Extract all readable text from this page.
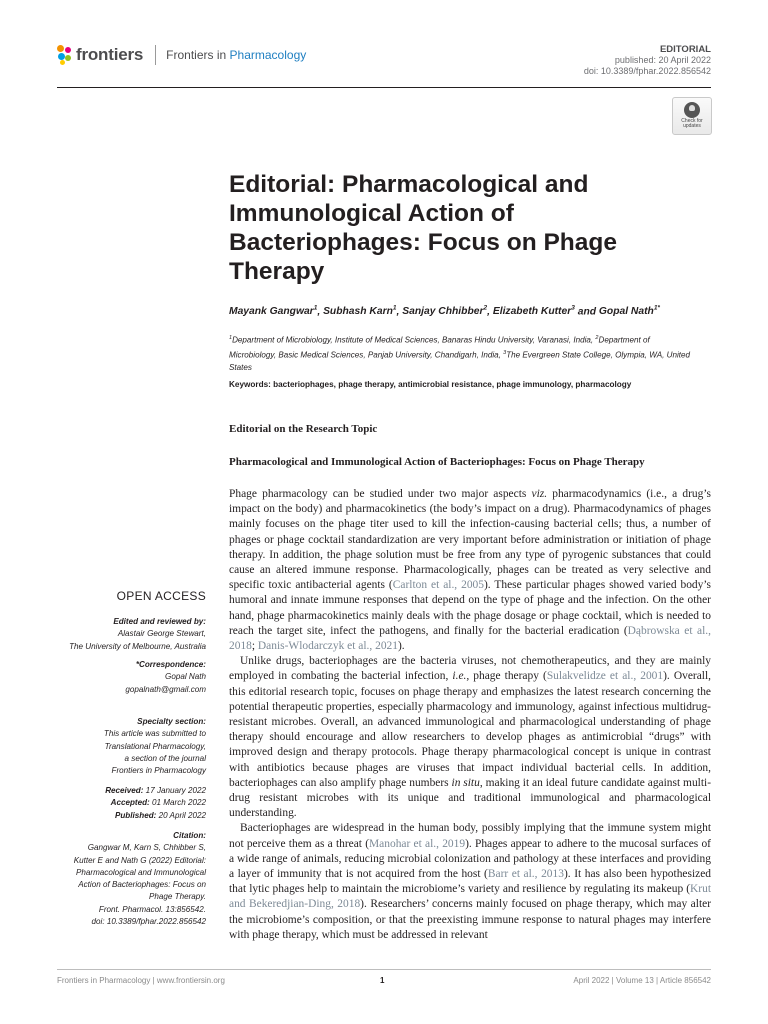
frontiers Frontiers in Pharmacology	EDITORIAL
published: 20 April 2022
doi: 10.3389/fphar.2022.856542
Check for
updates
Editorial: Pharmacological and Immunological Action of Bacteriophages: Focus on Phage Therapy
Mayank Gangwar$^1$, Subhash Karn$^1$, Sanjay Chhibber$^2$, Elizabeth Kutter$^3$ and Gopal Nath$^{1*}$
$^1$Department of Microbiology, Institute of Medical Sciences, Banaras Hindu University, Varanasi, India, $^2$Department of Microbiology, Basic Medical Sciences, Panjab University, Chandigarh, India, $^3$The Evergreen State College, Olympia, WA, United States
Keywords: bacteriophages, phage therapy, antimicrobial resistance, phage immunology, pharmacology
Editorial on the Research Topic
Pharmacological and Immunological Action of Bacteriophages: Focus on Phage Therapy

Phage pharmacology can be studied under two major aspects viz. pharmacodynamics (i.e., a drug’s impact on the body) and pharmacokinetics (the body’s impact on a drug). Pharmacodynamics of phages mainly focuses on the phage titer used to kill the infection-causing bacterial cells; thus, a number of phages or phage cocktail standardization are very important before administration or initiation of phage therapy. In addition, the phage solution must be free from any type of pyrogenic substances that could cause an altered immune response. Pharmacologically, phages can be treated as very selective and specific toxic antibacterial agents (Carlton et al., 2005). These particular phages showed varied body’s humoral and innate immune responses that depend on the type of phage and the infection. On the other hand, phage pharmacokinetics mainly deals with the phage dosage or phage cocktail, which is needed to reach the target site, infect the pathogens, and finally for the bacterial eradication (Dąbrowska et al., 2018; Danis-Wlodarczyk et al., 2021).

Unlike drugs, bacteriophages are the bacteria viruses, not chemotherapeutics, and they are mainly employed in combating the bacterial infection, i.e., phage therapy (Sulakvelidze et al., 2001). Overall, this editorial research topic, focuses on phage therapy and emphasizes the latest research concerning the potential therapeutic properties, especially pharmacology and immunology, against infectious multidrug-resistant microbes. Overall, an advanced immunological and pharmacological understanding of phage therapy should encourage and allow researchers to develop phages as antimicrobial “drugs” with improved design and therapy protocols. Phage therapy pharmacological concept is unique in contrast with antibiotics because phages are viruses that impact individual bacterial cells. In addition, bacteriophages can also amplify phage numbers in situ, making it an ideal future candidate against multi-drug resistant microbes with its unique and traditional immunological and pharmacological understanding.

Bacteriophages are widespread in the human body, possibly implying that the immune system might not perceive them as a threat (Manohar et al., 2019). Phages appear to adhere to the mucosal surfaces of a wide range of animals, reducing microbial colonization and pathology at these interfaces and providing a layer of immunity that is not acquired from the host (Barr et al., 2013). It has also been hypothesized that lytic phages help to maintain the microbiome’s variety and resilience by regulating its makeup (Krut and Bekeredjian-Ding, 2018). Researchers’ concerns mainly focused on phage therapy, which may alter the microbiome’s composition, or that the preexisting immune response to natural phages may interfere with phage therapy, which must be addressed in relevant

OPEN ACCESS
Edited and reviewed by:
Alastair George Stewart,
The University of Melbourne, Australia
*Correspondence:
Gopal Nath
gopalnath@gmail.com
Specialty section:
This article was submitted to
Translational Pharmacology,
a section of the journal
Frontiers in Pharmacology
Received: 17 January 2022
Accepted: 01 March 2022
Published: 20 April 2022
Citation:
Gangwar M, Karn S, Chhibber S,
Kutter E and Nath G (2022) Editorial:
Pharmacological and Immunological
Action of Bacteriophages: Focus on
Phage Therapy.
Front. Pharmacol. 13:856542.
doi: 10.3389/fphar.2022.856542
Frontiers in Pharmacology | www.frontiersin.org	1	April 2022 | Volume 13 | Article 856542
